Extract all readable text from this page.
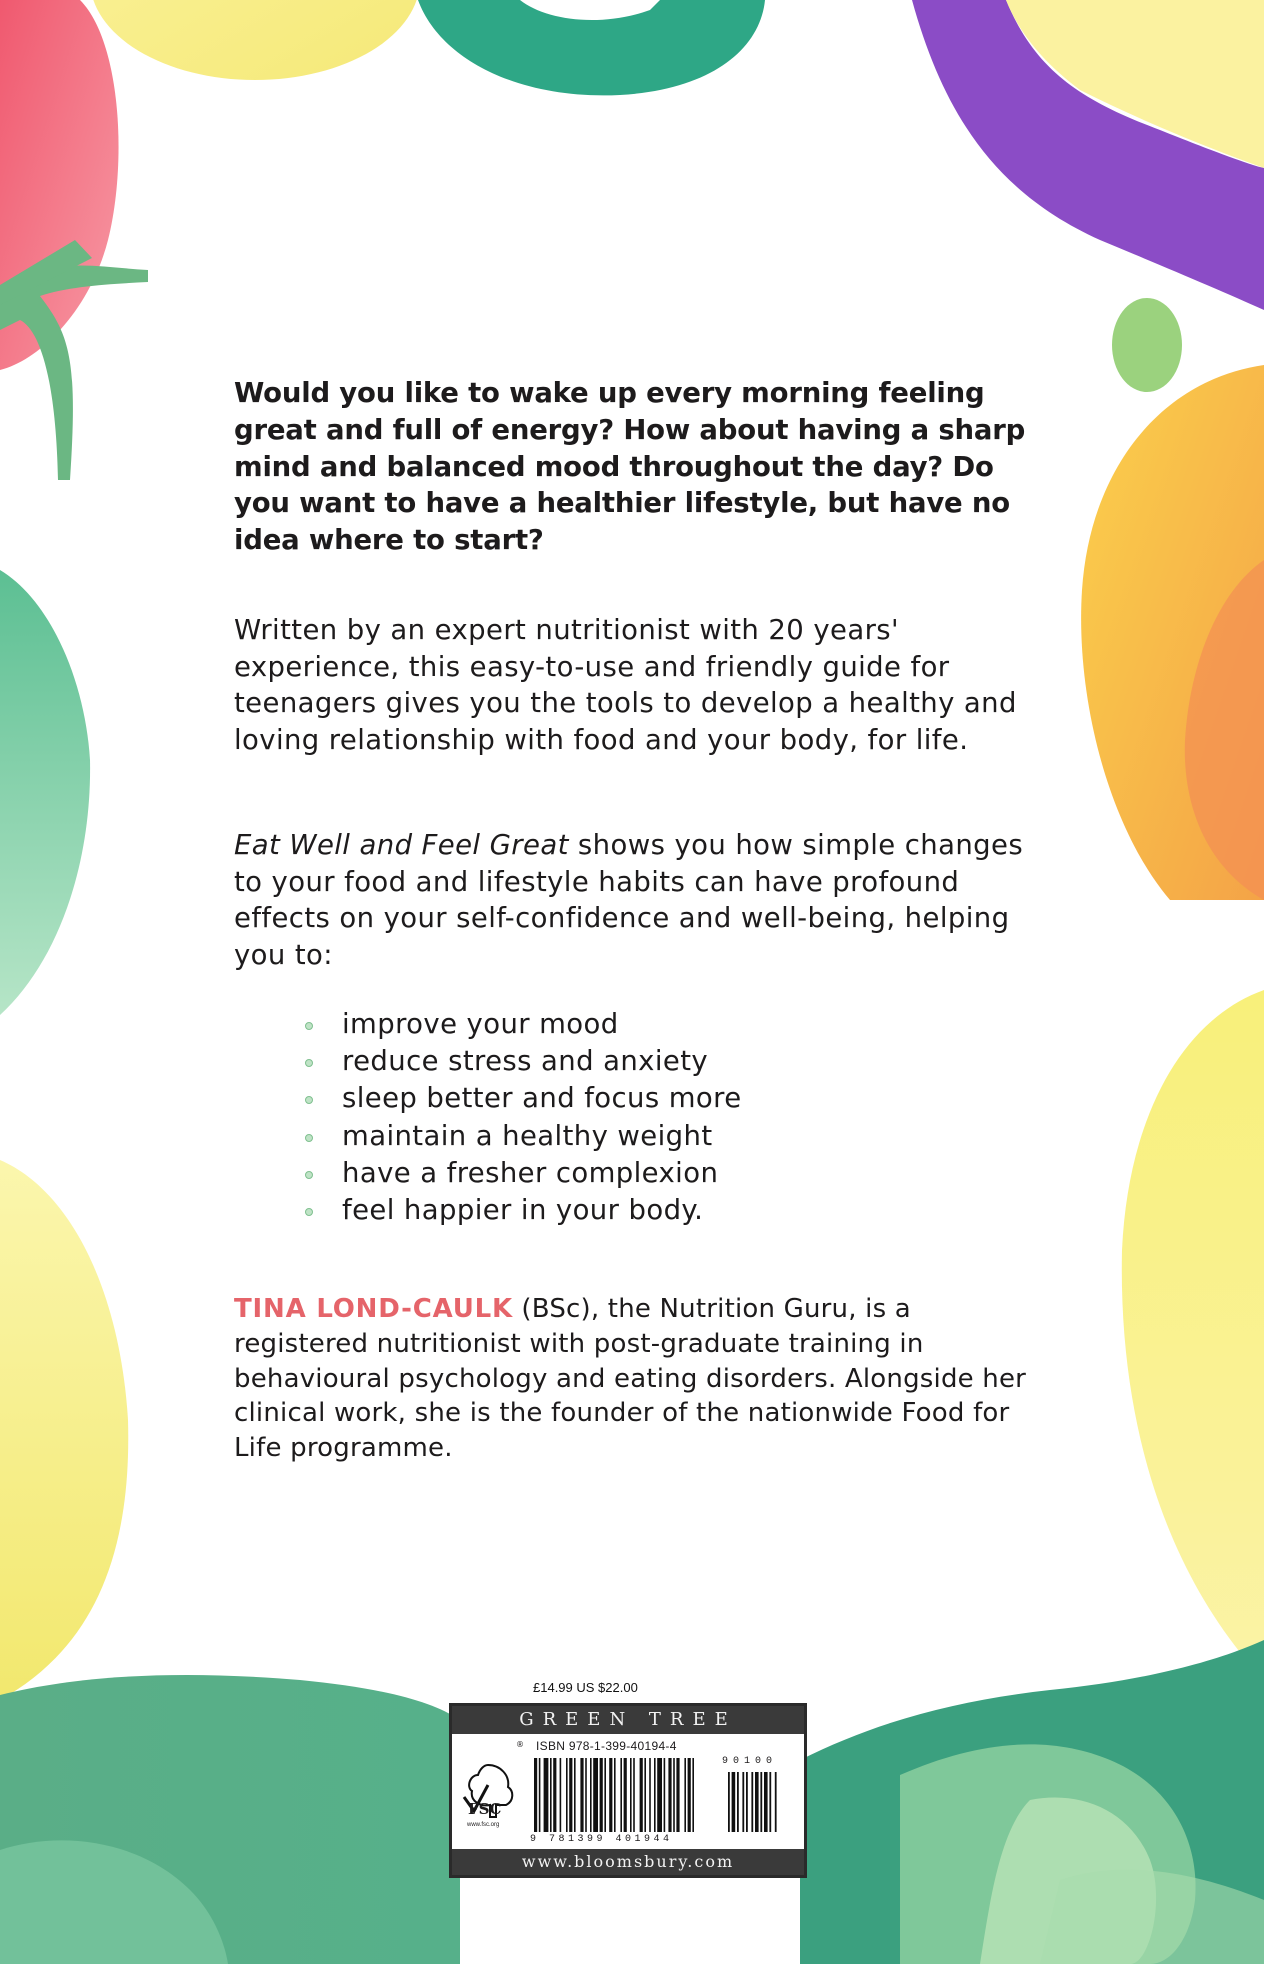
Would you like to wake up every morning feeling great and full of energy? How about having a sharp mind and balanced mood throughout the day? Do you want to have a healthier lifestyle, but have no idea where to start?

Written by an expert nutritionist with 20 years' experience, this easy-to-use and friendly guide for teenagers gives you the tools to develop a healthy and loving relationship with food and your body, for life.

Eat Well and Feel Great shows you how simple changes to your food and lifestyle habits can have profound effects on your self-confidence and well-being, helping you to:

improve your mood
reduce stress and anxiety
sleep better and focus more
maintain a healthy weight
have a fresher complexion
feel happier in your body.

TINA LOND-CAULK (BSc), the Nutrition Guru, is a registered nutritionist with post-graduate training in behavioural psychology and eating disorders. Alongside her clinical work, she is the founder of the nationwide Food for Life programme.

£14.99 US $22.00
GREEN TREE
®
FSC
www.fsc.org
ISBN 978-1-399-40194-4
90100
9 781399 401944
www.bloomsbury.com
